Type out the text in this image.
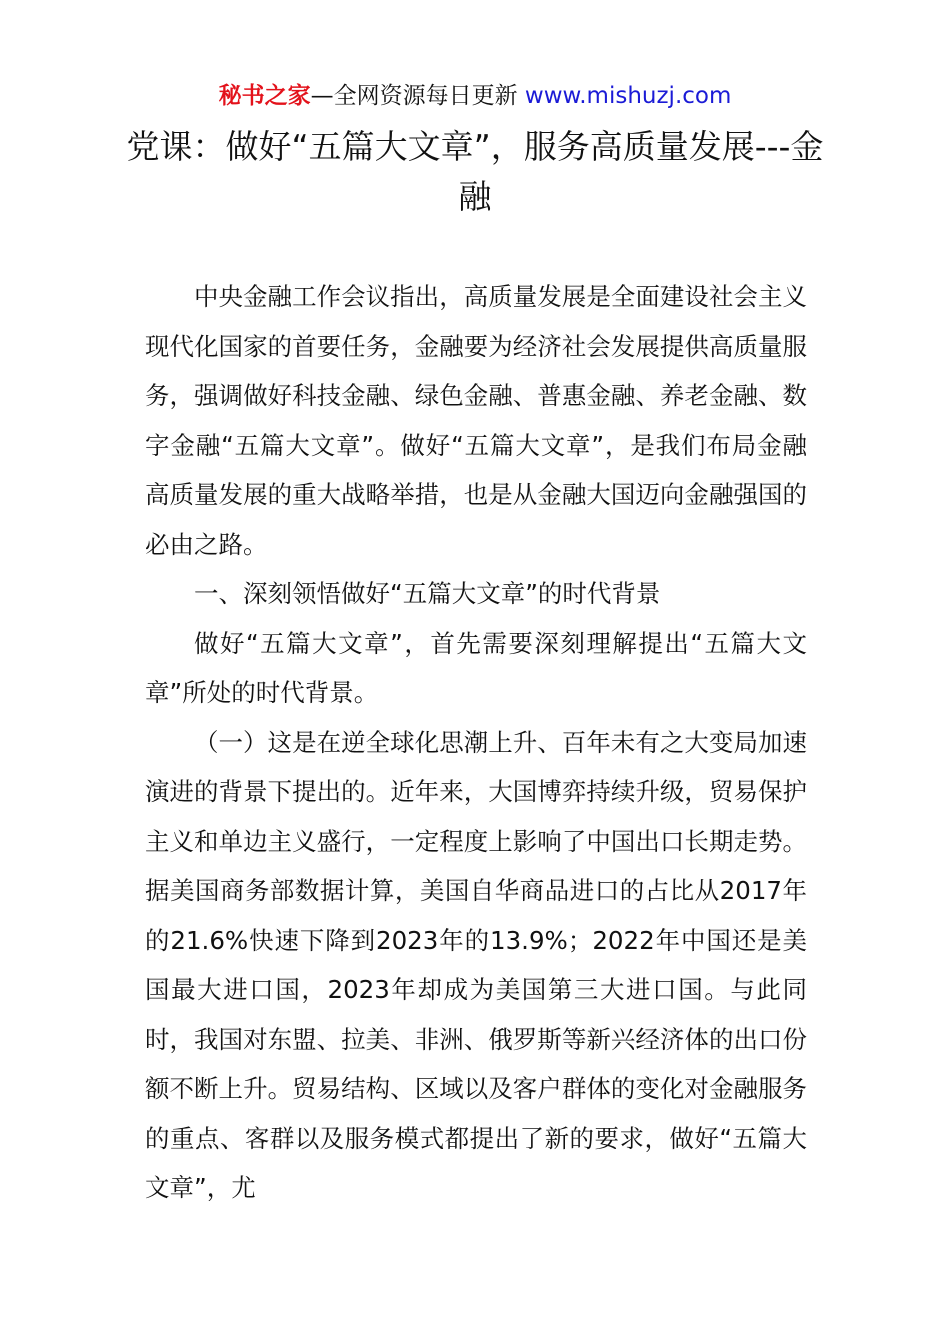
秘书之家—全网资源每日更新 www.mishuzj.com
党课：做好“五篇大文章”，服务高质量发展---金融

中央金融工作会议指出，高质量发展是全面建设社会主义现代化国家的首要任务，金融要为经济社会发展提供高质量服务，强调做好科技金融、绿色金融、普惠金融、养老金融、数字金融“五篇大文章”。做好“五篇大文章”，是我们布局金融高质量发展的重大战略举措，也是从金融大国迈向金融强国的必由之路。

一、深刻领悟做好“五篇大文章”的时代背景

做好“五篇大文章”，首先需要深刻理解提出“五篇大文章”所处的时代背景。

（一）这是在逆全球化思潮上升、百年未有之大变局加速演进的背景下提出的。近年来，大国博弈持续升级，贸易保护主义和单边主义盛行，一定程度上影响了中国出口长期走势。据美国商务部数据计算，美国自华商品进口的占比从2017年的21.6%快速下降到2023年的13.9%；2022年中国还是美国最大进口国，2023年却成为美国第三大进口国。与此同时，我国对东盟、拉美、非洲、俄罗斯等新兴经济体的出口份额不断上升。贸易结构、区域以及客户群体的变化对金融服务的重点、客群以及服务模式都提出了新的要求，做好“五篇大文章”，尤
